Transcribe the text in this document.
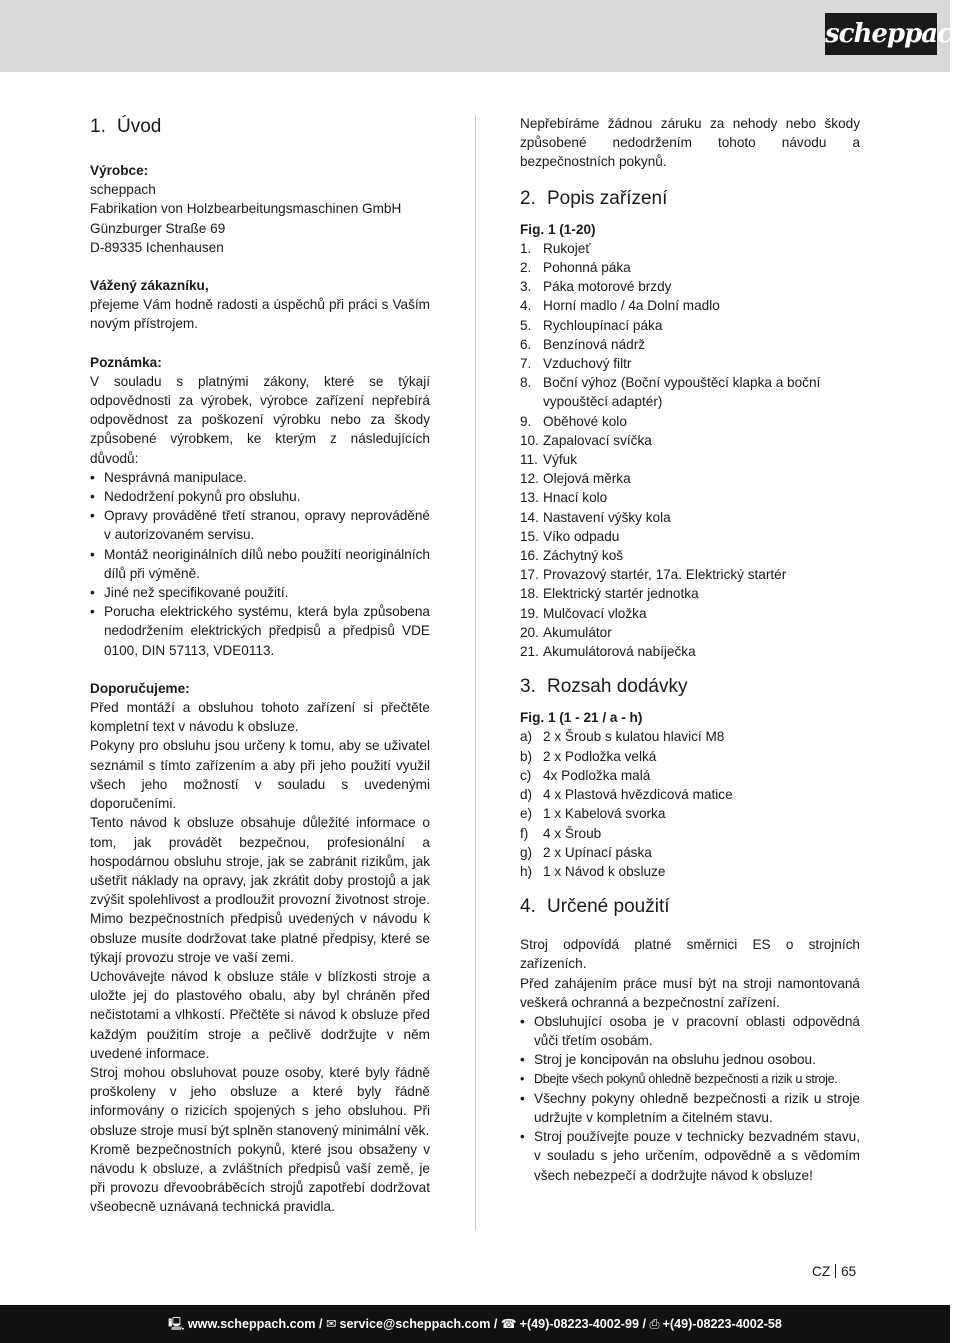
scheppach
1. Úvod
Výrobce:
scheppach
Fabrikation von Holzbearbeitungsmaschinen GmbH
Günzburger Straße 69
D-89335 Ichenhausen
Vážený zákazníku,

přejeme Vám hodně radosti a úspěchů při práci s Vaším novým přístrojem.

Poznámka:

V souladu s platnými zákony, které se týkají odpovědnosti za výrobek, výrobce zařízení nepřebírá odpovědnost za poškození výrobku nebo za škody způsobené výrobkem, ke kterým z následujících důvodů:

• Nesprávná manipulace.
• Nedodržení pokynů pro obsluhu.
• Opravy prováděné třetí stranou, opravy neprováděné v autorizovaném servisu.
• Montáž neoriginálních dílů nebo použití neoriginálních dílů při výměně.
• Jiné než specifikované použití.
• Porucha elektrického systému, která byla způsobena nedodržením elektrických předpisů a předpisů VDE 0100, DIN 57113, VDE0113.
Doporučujeme:

Před montáží a obsluhou tohoto zařízení si přečtěte kompletní text v návodu k obsluze.

Pokyny pro obsluhu jsou určeny k tomu, aby se uživatel seznámil s tímto zařízením a aby při jeho použití využil všech jeho možností v souladu s uvedenými doporučeními.

Tento návod k obsluze obsahuje důležité informace o tom, jak provádět bezpečnou, profesionální a hospodárnou obsluhu stroje, jak se zabránit rizikům, jak ušetřit náklady na opravy, jak zkrátit doby prostojů a jak zvýšit spolehlivost a prodloužit provozní životnost stroje. Mimo bezpečnostních předpisů uvedených v návodu k obsluze musíte dodržovat take platné předpisy, které se týkají provozu stroje ve vaší zemi.

Uchovávejte návod k obsluze stále v blízkosti stroje a uložte jej do plastového obalu, aby byl chráněn před nečistotami a vlhkostí. Přečtěte si návod k obsluze před každým použitím stroje a pečlivě dodržujte v něm uvedené informace.

Stroj mohou obsluhovat pouze osoby, které byly řádně proškoleny v jeho obsluze a které byly řádně informovány o rizicích spojených s jeho obsluhou. Při obsluze stroje musí být splněn stanovený minimální věk.

Kromě bezpečnostních pokynů, které jsou obsaženy v návodu k obsluze, a zvláštních předpisů vaší země, je při provozu dřevoobráběcích strojů zapotřebí dodržovat všeobecně uznávaná technická pravidla.

Nepřebíráme žádnou záruku za nehody nebo škody způsobené nedodržením tohoto návodu a bezpečnostních pokynů.

2. Popis zařízení
Fig. 1 (1-20)
1. Rukojeť
2. Pohonná páka
3. Páka motorové brzdy
4. Horní madlo / 4a Dolní madlo
5. Rychloupínací páka
6. Benzínová nádrž
7. Vzduchový filtr
8. Boční výhoz (Boční vypouštěcí klapka a boční vypouštěcí adaptér)
9. Oběhové kolo
10. Zapalovací svíčka
11. Výfuk
12. Olejová měrka
13. Hnací kolo
14. Nastavení výšky kola
15. Víko odpadu
16. Záchytný koš
17. Provazový startér, 17a. Elektrický startér
18. Elektrický startér jednotka
19. Mulčovací vložka
20. Akumulátor
21. Akumulátorová nabíječka
3. Rozsah dodávky
Fig. 1 (1 - 21 / a - h)
a) 2 x Šroub s kulatou hlavicí M8
b) 2 x Podložka velká
c) 4x Podložka malá
d) 4 x Plastová hvězdicová matice
e) 1 x Kabelová svorka
f)	4 x Šroub
g) 2 x Upínací páska
h) 1 x Návod k obsluze
4. Určené použití

Stroj odpovídá platné směrnici ES o strojních zařízeních.

Před zahájením práce musí být na stroji namontovaná veškerá ochranná a bezpečnostní zařízení.

• Obsluhující osoba je v pracovní oblasti odpovědná vůči třetím osobám.
• Stroj je koncipován na obsluhu jednou osobou.
• Dbejte všech pokynů ohledně bezpečnosti a rizik u stroje.
• Všechny pokyny ohledně bezpečnosti a rizik u stroje udržujte v kompletním a čitelném stavu.
• Stroj používejte pouze v technicky bezvadném stavu, v souladu s jeho určením, odpovědně a s vědomím všech nebezpečí a dodržujte návod k obsluze!
CZ 65
🖳 www.scheppach.com / ✉ service@scheppach.com / ☎ +(49)-08223-4002-99 / ⎙ +(49)-08223-4002-58
